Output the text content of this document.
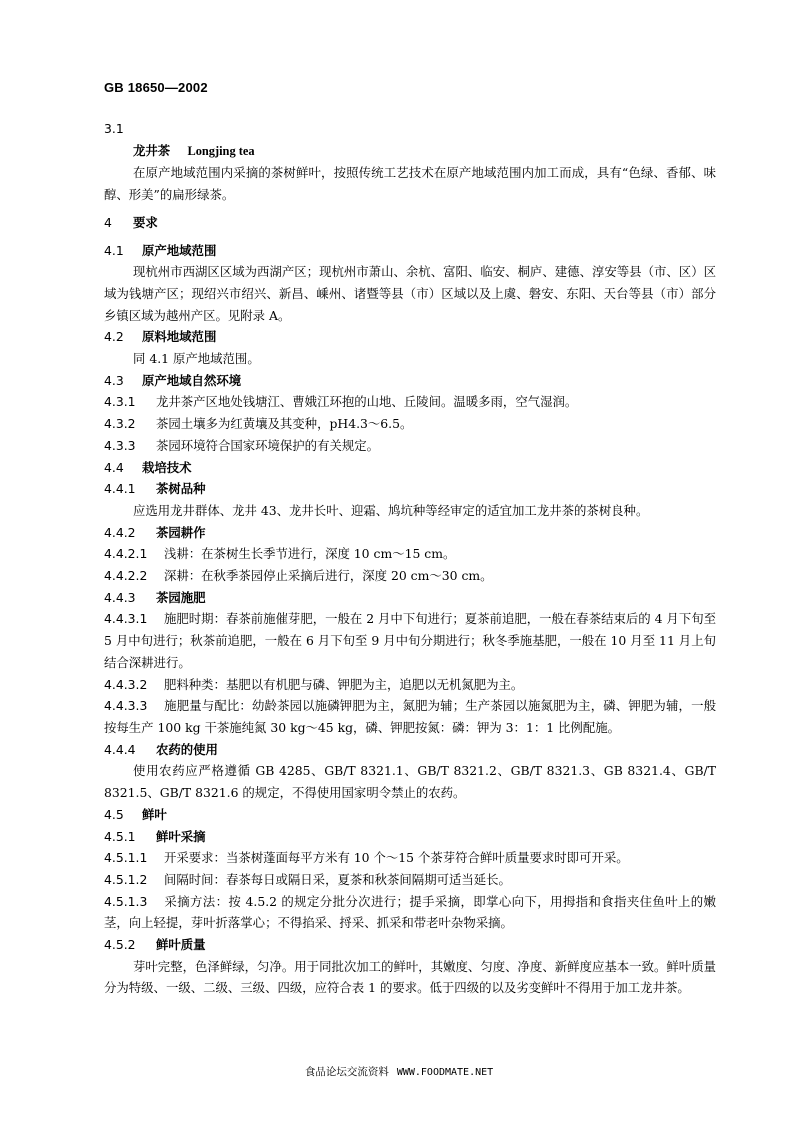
GB 18650—2002
3.1
龙井茶 Longjing tea
在原产地域范围内采摘的茶树鲜叶，按照传统工艺技术在原产地域范围内加工而成，具有“色绿、香郁、味醇、形美”的扁形绿茶。
4 要求
4.1 原产地域范围
现杭州市西湖区区域为西湖产区；现杭州市萧山、余杭、富阳、临安、桐庐、建德、淳安等县（市、区）区域为钱塘产区；现绍兴市绍兴、新昌、嵊州、诸暨等县（市）区域以及上虞、磐安、东阳、天台等县（市）部分乡镇区域为越州产区。见附录 A。
4.2 原料地域范围
同 4.1 原产地域范围。
4.3 原产地域自然环境
4.3.1 龙井茶产区地处钱塘江、曹娥江环抱的山地、丘陵间。温暖多雨，空气湿润。
4.3.2 茶园土壤多为红黄壤及其变种，pH4.3～6.5。
4.3.3 茶园环境符合国家环境保护的有关规定。
4.4 栽培技术
4.4.1 茶树品种
应选用龙井群体、龙井 43、龙井长叶、迎霜、鸠坑种等经审定的适宜加工龙井茶的茶树良种。
4.4.2 茶园耕作
4.4.2.1 浅耕：在茶树生长季节进行，深度 10 cm～15 cm。
4.4.2.2 深耕：在秋季茶园停止采摘后进行，深度 20 cm～30 cm。
4.4.3 茶园施肥
4.4.3.1 施肥时期：春茶前施催芽肥，一般在 2 月中下旬进行；夏茶前追肥，一般在春茶结束后的 4 月下旬至 5 月中旬进行；秋茶前追肥，一般在 6 月下旬至 9 月中旬分期进行；秋冬季施基肥，一般在 10 月至 11 月上旬结合深耕进行。
4.4.3.2 肥料种类：基肥以有机肥与磷、钾肥为主，追肥以无机氮肥为主。
4.4.3.3 施肥量与配比：幼龄茶园以施磷钾肥为主，氮肥为辅；生产茶园以施氮肥为主，磷、钾肥为辅，一般按每生产 100 kg 干茶施纯氮 30 kg～45 kg，磷、钾肥按氮：磷：钾为 3：1：1 比例配施。
4.4.4 农药的使用
使用农药应严格遵循 GB 4285、GB/T 8321.1、GB/T 8321.2、GB/T 8321.3、GB 8321.4、GB/T 8321.5、GB/T 8321.6 的规定，不得使用国家明令禁止的农药。
4.5 鲜叶
4.5.1 鲜叶采摘
4.5.1.1 开采要求：当茶树蓬面每平方米有 10 个～15 个茶芽符合鲜叶质量要求时即可开采。
4.5.1.2 间隔时间：春茶每日或隔日采，夏茶和秋茶间隔期可适当延长。
4.5.1.3 采摘方法：按 4.5.2 的规定分批分次进行；提手采摘，即掌心向下，用拇指和食指夹住鱼叶上的嫩茎，向上轻提，芽叶折落掌心；不得掐采、捋采、抓采和带老叶杂物采摘。
4.5.2 鲜叶质量
芽叶完整，色泽鲜绿，匀净。用于同批次加工的鲜叶，其嫩度、匀度、净度、新鲜度应基本一致。鲜叶质量分为特级、一级、二级、三级、四级，应符合表 1 的要求。低于四级的以及劣变鲜叶不得用于加工龙井茶。
食品论坛交流资料 WWW.FOODMATE.NET
